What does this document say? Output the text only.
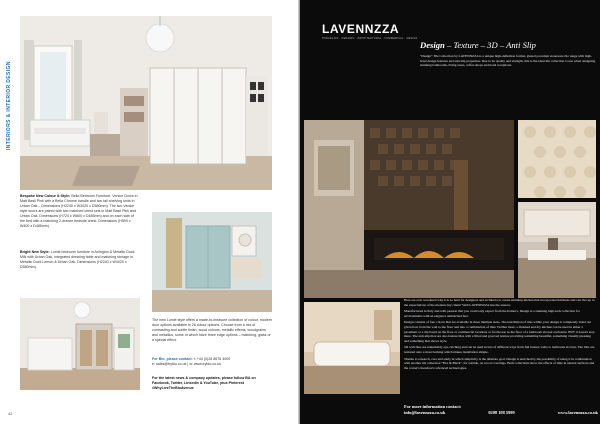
INTERIORS & INTERIOR DESIGN
Bespoke New Colour & Style: Bella Bedroom Furniture, Venice Doors in Matt Basil Pink with a Bella Chrome handle and two tall shelving units in Urban Oak – Dimensions (H2240 x W3020 x D580mm). The two Venice style doors are paired with two matched chest sets in Matt Basil Pink and Urban Oak. Dimensions (H724 x W800 x D485mm) and on each side of the bed with a matching 2-drawer bedside chest. Dimensions (H599 x W400 x D485mm).
Bright New Style: Lumiè bedroom furniture in Arlington & Metallic Duck Milk with Urban Oak, integrated dressing table and matching storage in Metallic Duck Lemon & Urban Oak. Dimensions (H2240 x W4020 x D580mm).
The new Lumiè style offers a made-to-measure collection of colour, modern door options available in 26 colour options. Choose from a mix of contrasting and subtle finish, wood colours, metallic effects, woodgrains and metallics, some of which have three edge options – matching, glass or a special effect.
For Bio, please contact: t: +44 (0)28 8676 4000
e: sales@trybio.co.uk | w: www.trybio.co.uk
For the latest news & company updates, please follow BA on Facebook, Twitter, LinkedIn & YouTube, plus Pinterest #WhyLiveTheBioAvenue
42
LAVENNZZA
PORCELAIN · CERAMIC · ARCHITECTURAL · COMMERCIAL · DESIGN
Design – Texture – 3D – Anti Slip
"Design" Tile Collection by LAVENNZZA is a unique high-definition format, glazed porcelain stoneware tile range with high-level design features and anti-slip properties. Due to its quality and strength, this is the ideal tile collection to use when designing stunning bathrooms, living areas, coffee shops and hotel receptions.
Here are ever wondered why it is so hard for designers and architects to create stunning kitchen that incorporated kitchens and can live up to the expectations of the modern day client? Well LAVENNZZA has the answer.
Manufactured in Italy and with passion that you could only expect from the Italian's, Design is a stunning high-tech collection for environments with an elegance unmatched feel.
Design consists of four colour that are available in three multiple sizes. The installation of tiles within your design is completely stand out given how from the wall to the floor and into a combination of tiles. Further more, a finished and dry kitchen can be used in either a pavement or a dip board on the floor or commercial locations or for the use as the floor of a bathroom shower enclosure. BUT it doesn't stop there. The anti-slip tiles are also feature tiles with a filled and grooved texture providing something beautiful, something visually pleasing and something that shows style.
3D wall tiles are remarkably eye-catching and can be used in lots of different ways from full feature walls to bathroom alcoves. The tiles are textured onto a most backing which makes installation simple.
Thanks to research, care and study in which simplicity is the ultimate goal. Design is enriched by the possibility of using it in combination with another tile collection "Fire & Black", for outside, on wood coverings. Both collections show the effects of time in natural surfaces and the corner's therefore's advanced technologies.
For more information contact:
info@lavennzza.co.uk	0208 108 5999	www.lavennzza.co.uk
